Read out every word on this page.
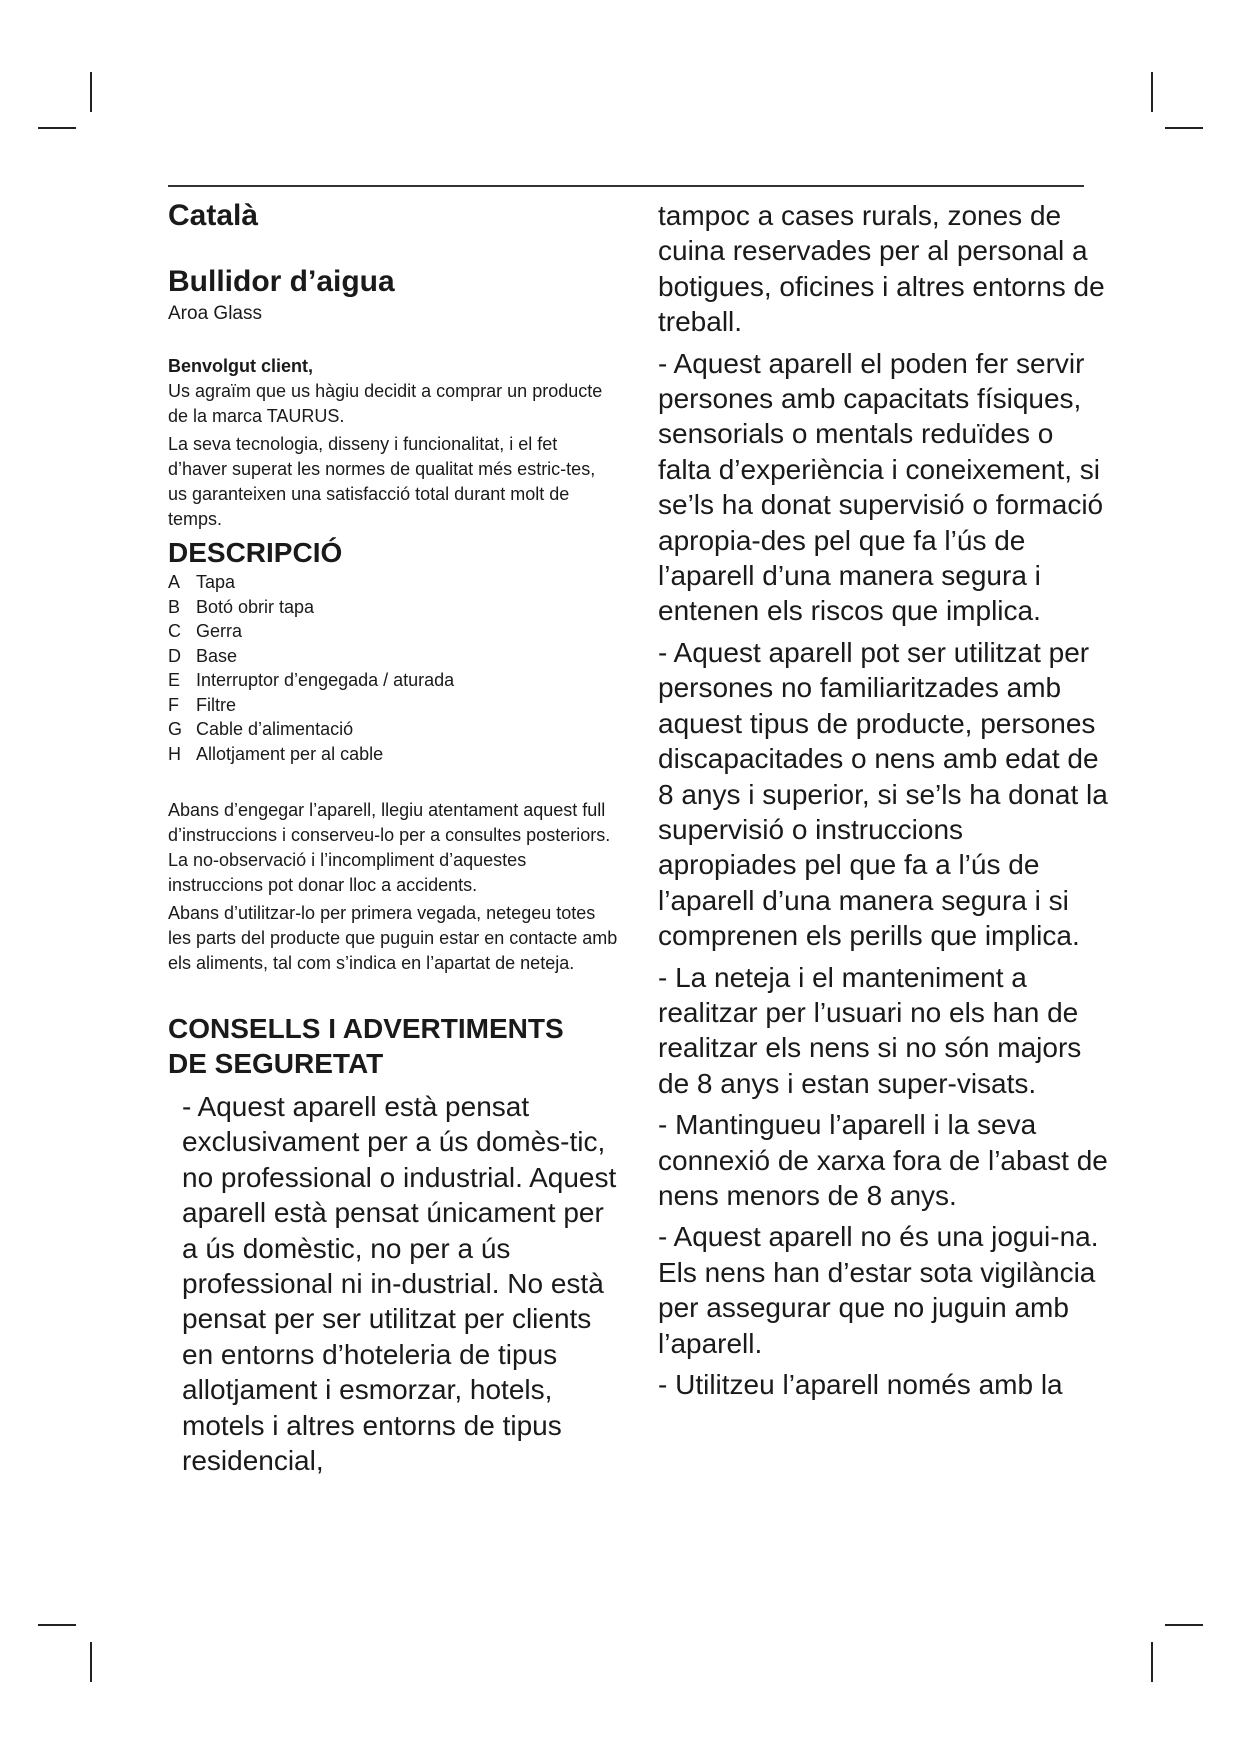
Català
Bullidor d’aigua

Aroa Glass

Benvolgut client,

Us agraïm que us hàgiu decidit a comprar un producte de la marca TAURUS.

La seva tecnologia, disseny i funcionalitat, i el fet d’haver superat les normes de qualitat més estric-tes, us garanteixen una satisfacció total durant molt de temps.

DESCRIPCIÓ
A Tapa
B Botó obrir tapa
C Gerra
D Base
E Interruptor d’engegada / aturada
F Filtre
G Cable d’alimentació
H Allotjament per al cable

Abans d’engegar l’aparell, llegiu atentament aquest full d’instruccions i conserveu-lo per a consultes posteriors. La no-observació i l’incompliment d’aquestes instruccions pot donar lloc a accidents.

Abans d’utilitzar-lo per primera vegada, netegeu totes les parts del producte que puguin estar en contacte amb els aliments, tal com s’indica en l’apartat de neteja.

CONSELLS I ADVERTIMENTS
DE SEGURETAT

- Aquest aparell està pensat exclusivament per a ús domès-tic, no professional o industrial. Aquest aparell està pensat únicament per a ús domèstic, no per a ús professional ni in-dustrial. No està pensat per ser utilitzat per clients en entorns d’hoteleria de tipus allotjament i esmorzar, hotels, motels i altres entorns de tipus residencial,

tampoc a cases rurals, zones de cuina reservades per al personal a botigues, oficines i altres entorns de treball.

- Aquest aparell el poden fer servir persones amb capacitats físiques, sensorials o mentals reduïdes o falta d’experiència i coneixement, si se’ls ha donat supervisió o formació apropia-des pel que fa l’ús de l’aparell d’una manera segura i entenen els riscos que implica.

- Aquest aparell pot ser utilitzat per persones no familiaritzades amb aquest tipus de producte, persones discapacitades o nens amb edat de 8 anys i superior, si se’ls ha donat la supervisió o instruccions apropiades pel que fa a l’ús de l’aparell d’una manera segura i si comprenen els perills que implica.

- La neteja i el manteniment a realitzar per l’usuari no els han de realitzar els nens si no són majors de 8 anys i estan super-visats.

- Mantingueu l’aparell i la seva connexió de xarxa fora de l’abast de nens menors de 8 anys.

- Aquest aparell no és una jogui-na. Els nens han d’estar sota vigilància per assegurar que no juguin amb l’aparell.

- Utilitzeu l’aparell només amb la
